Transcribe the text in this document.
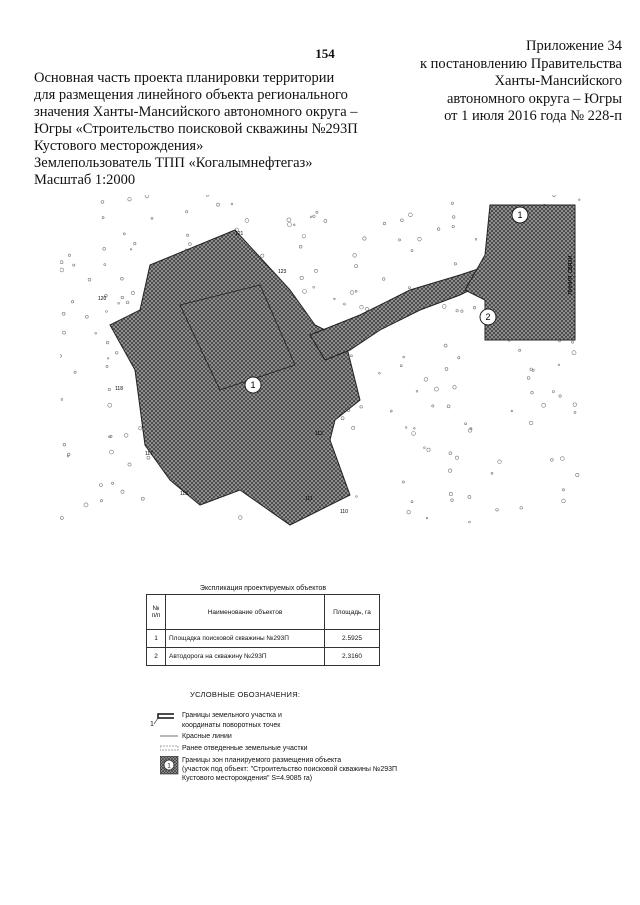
154	Приложение 34
к постановлению Правительства
Ханты-Мансийского
автономного округа – Югры
от 1 июля 2016 года № 228-п
Основная часть проекта планировки территории
для размещения линейного объекта регионального
значения Ханты-Мансийского автономного округа –
Югры «Строительство поисковой скважины №293П
Кустового месторождения»
Землепользователь ТПП «Когалымнефтегаз»
Масштаб 1:2000
1
1
2
линия связи
118
117
115
120
121
123
110
111
112
Экспликация проектируемых объектов
№ п/п	Наименование объектов	Площадь, га
1	Площадка поисковой скважины №293П	2.5925
2	Автодорога на скважину №293П	2.3160
УСЛОВНЫЕ ОБОЗНАЧЕНИЯ:
1
Границы земельного участка и
координаты поворотных точек
Красные линии
Ранее отведенные земельные участки
1
Границы зон планируемого размещения объекта
(участок под объект: "Строительство поисковой скважины №293П
Кустового месторождения" S=4.9085 га)
